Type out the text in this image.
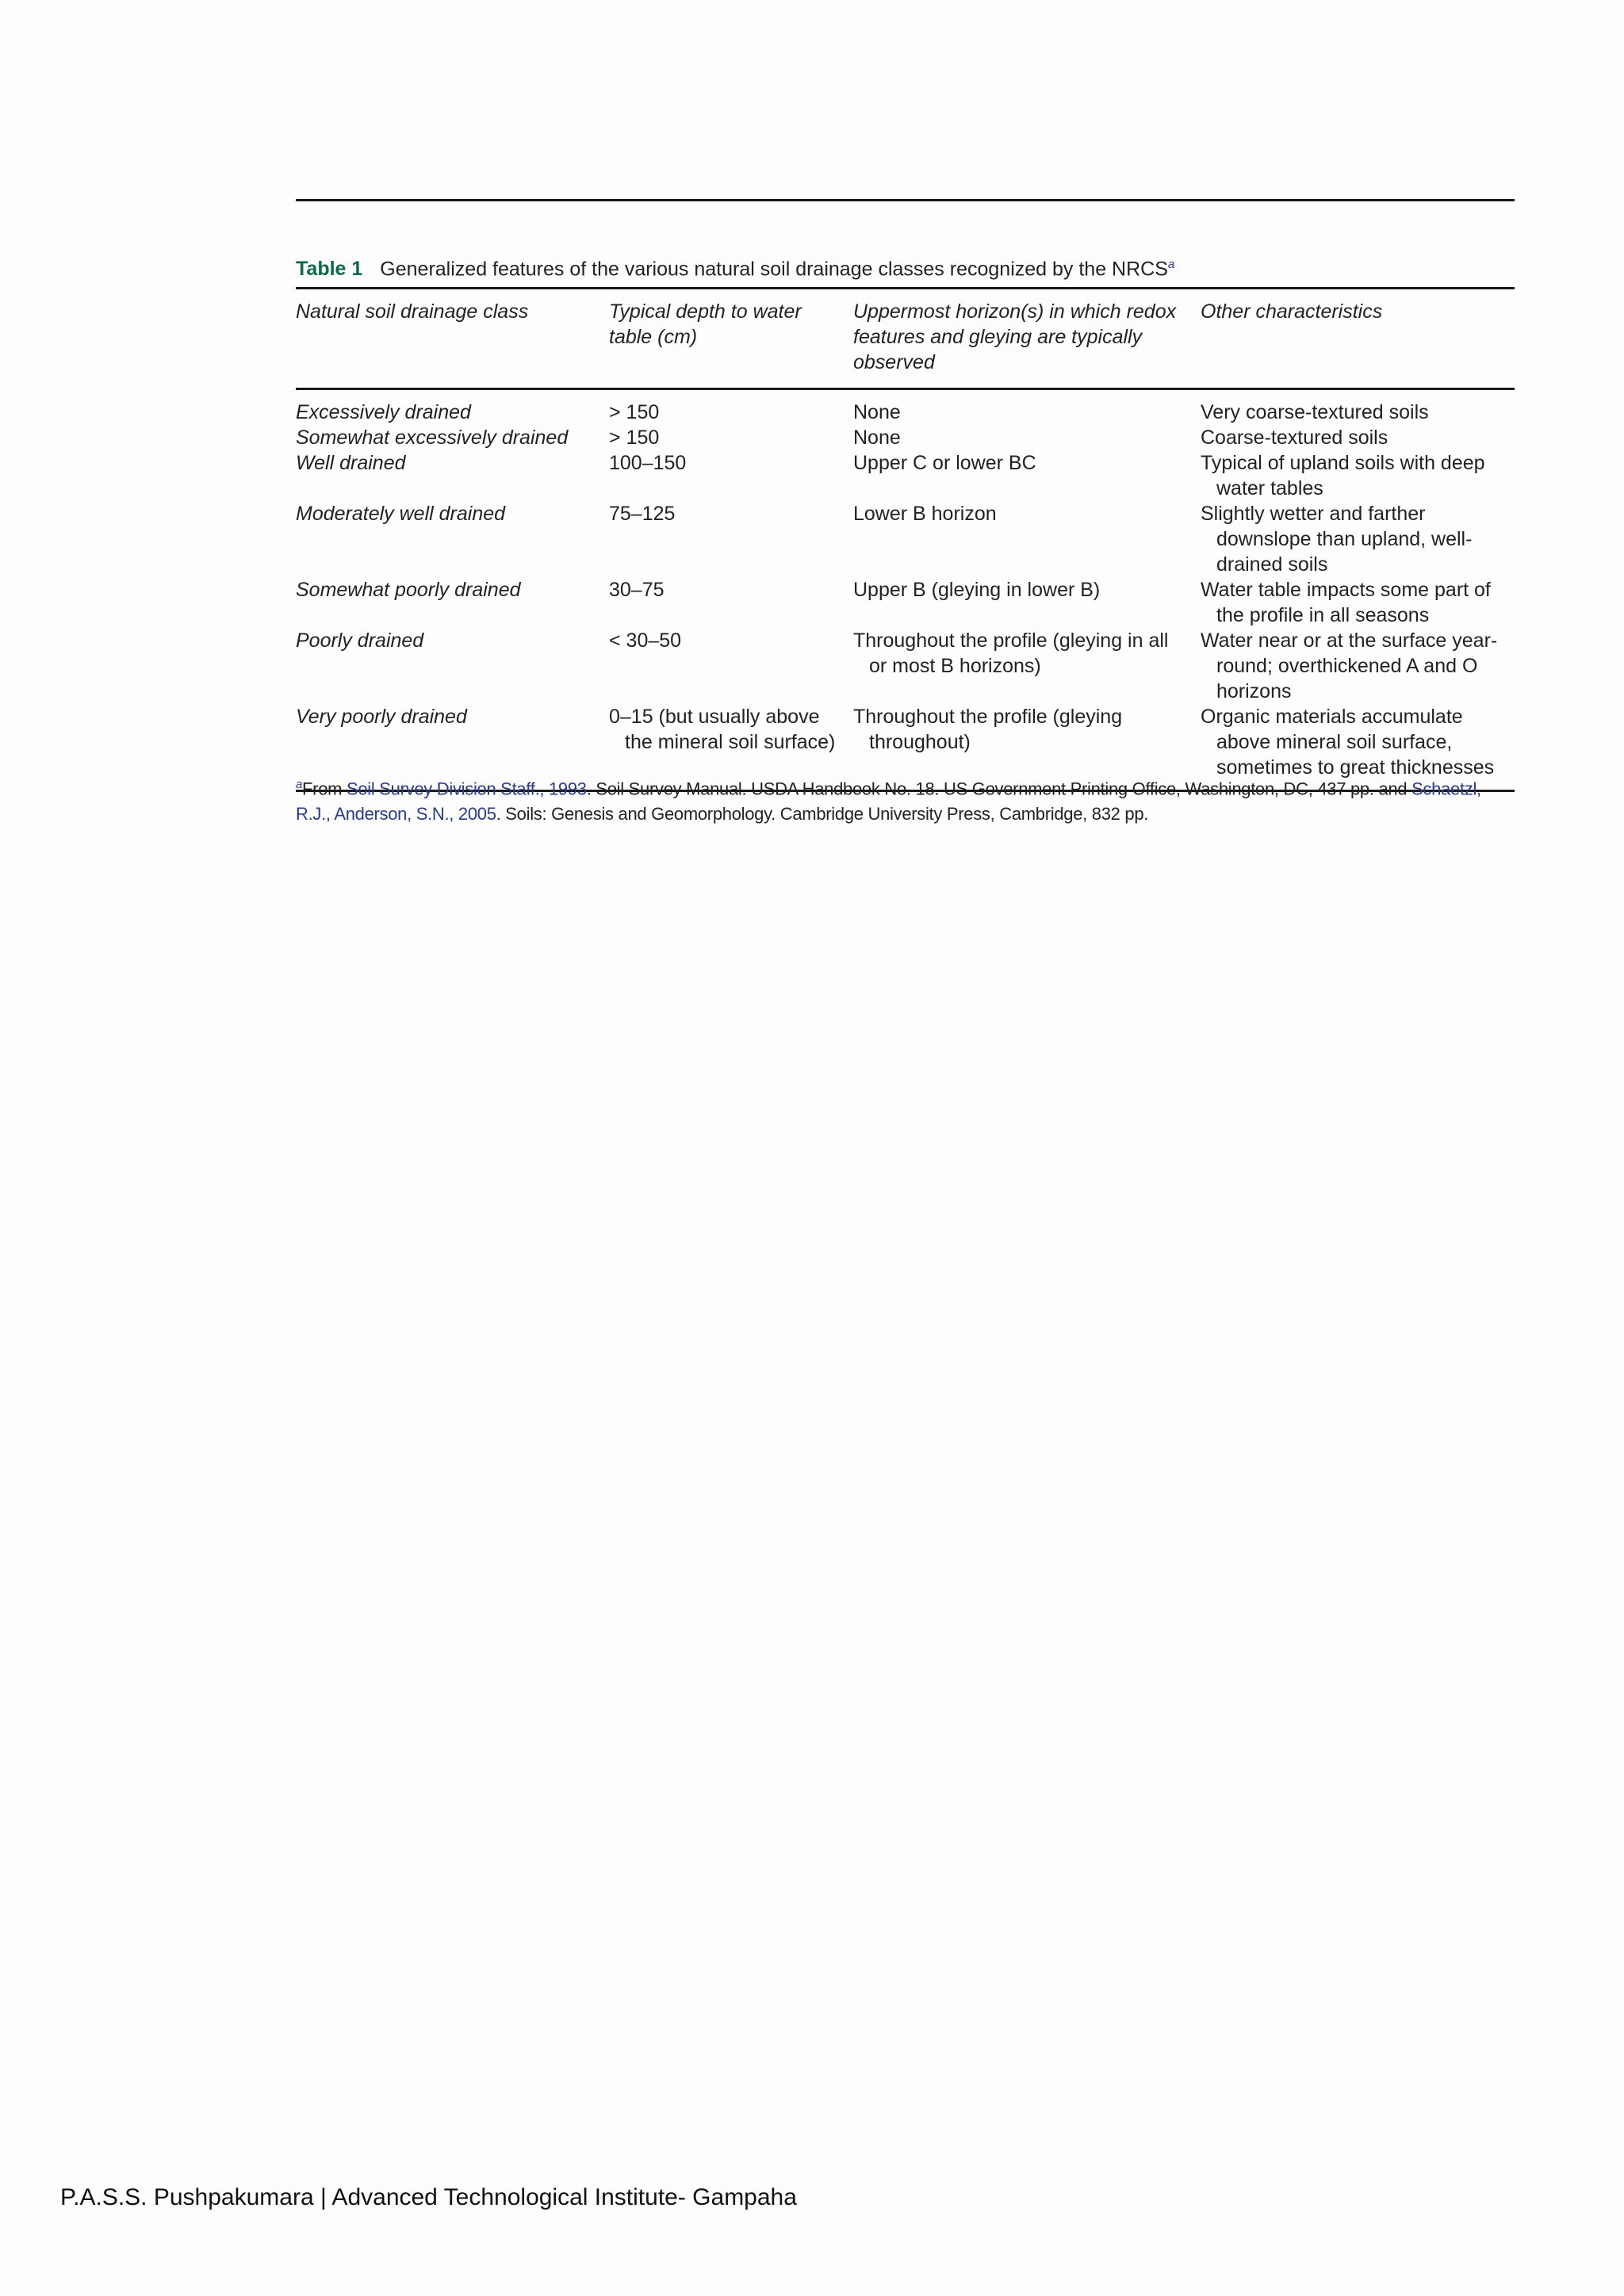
Table 1 Generalized features of the various natural soil drainage classes recognized by the NRCS$^a$
Natural soil drainage class	Typical depth to water table (cm)	Uppermost horizon(s) in which redox features and gleying are typically observed	Other characteristics
Excessively drained	> 150	None	Very coarse-textured soils
Somewhat excessively drained	> 150	None	Coarse-textured soils
Well drained	100–150	Upper C or lower BC	Typical of upland soils with deep water tables
Moderately well drained	75–125	Lower B horizon	Slightly wetter and farther downslope than upland, well-drained soils
Somewhat poorly drained	30–75	Upper B (gleying in lower B)	Water table impacts some part of the profile in all seasons
Poorly drained	< 30–50	Throughout the profile (gleying in all or most B horizons)	Water near or at the surface year-round; overthickened A and O horizons
Very poorly drained	0–15 (but usually above the mineral soil surface)	Throughout the profile (gleying throughout)	Organic materials accumulate above mineral soil surface, sometimes to great thicknesses
$^a$From Soil Survey Division Staff., 1993. Soil Survey Manual. USDA Handbook No. 18. US Government Printing Office, Washington, DC, 437 pp. and Schaetzl, R.J., Anderson, S.N., 2005. Soils: Genesis and Geomorphology. Cambridge University Press, Cambridge, 832 pp.
P.A.S.S. Pushpakumara | Advanced Technological Institute- Gampaha
